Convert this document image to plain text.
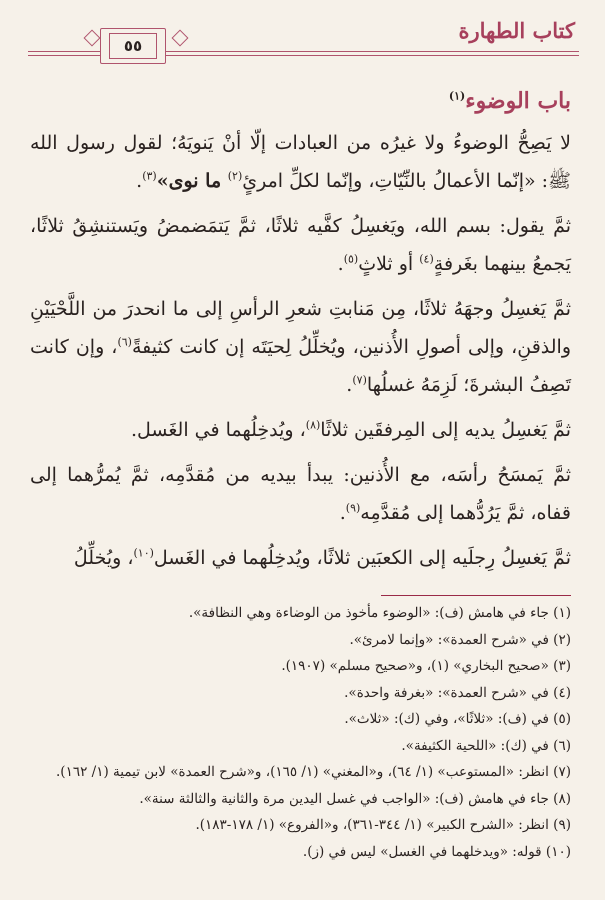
كتاب الطهارة
٥٥
باب الوضوء$^{(١)}$

لا يَصِحُّ الوضوءُ ولا غيرُه من العبادات إلّا أنْ يَنويَهُ؛ لقول رسول الله ﷺ: «إنّما الأعمالُ بالنِّيّاتِ، وإنّما لكلِّ امرئٍ$^{(٢)}$ ما نوى»$^{(٣)}$.

ثمَّ يقول: بسم الله، ويَغسِلُ كفَّيه ثلاثًا، ثمَّ يَتمَضمضُ ويَستنشِقُ ثلاثًا، يَجمعُ بينهما بغَرفةٍ$^{(٤)}$ أو ثلاثٍ$^{(٥)}$.

ثمَّ يَغسِلُ وجهَهُ ثلاثًا، مِن مَنابتِ شعرِ الرأسِ إلى ما انحدرَ من اللَّحْيَيْنِ والذقنِ، وإلى أصولِ الأُذنين، ويُخلِّلُ لِحيَتَه إن كانت كثيفةً$^{(٦)}$، وإن كانت تَصِفُ البشرةَ؛ لَزِمَهُ غسلُها$^{(٧)}$.

ثمَّ يَغسِلُ يديه إلى المِرفقَين ثلاثًا$^{(٨)}$، ويُدخِلُهما في الغَسل.

ثمَّ يَمسَحُ رأسَه، مع الأُذنين: يبدأ بيديه من مُقدَّمِه، ثمَّ يُمرُّهما إلى قفاه، ثمَّ يَرُدُّهما إلى مُقدَّمِه$^{(٩)}$.

ثمَّ يَغسِلُ رِجلَيه إلى الكعبَين ثلاثًا، ويُدخِلُهما في الغَسل$^{(١٠)}$، ويُخلِّلُ

(١) جاء في هامش (ف): «الوضوء مأخوذ من الوضاءة وهي النظافة».
(٢) في «شرح العمدة»: «وإنما لامرئ».
(٣) «صحيح البخاري» (١)، و«صحيح مسلم» (١٩٠٧).
(٤) في «شرح العمدة»: «بغرفة واحدة».
(٥) في (ف): «ثلاثًا»، وفي (ك): «ثلاث».
(٦) في (ك): «اللحية الكثيفة».
(٧) انظر: «المستوعب» (١/ ٦٤)، و«المغني» (١/ ١٦٥)، و«شرح العمدة» لابن تيمية (١/ ١٦٢).
(٨) جاء في هامش (ف): «الواجب في غسل اليدين مرة والثانية والثالثة سنة».
(٩) انظر: «الشرح الكبير» (١/ ٣٤٤-٣٦١)، و«الفروع» (١/ ١٧٨-١٨٣).
(١٠) قوله: «ويدخلهما في الغسل» ليس في (ز).
